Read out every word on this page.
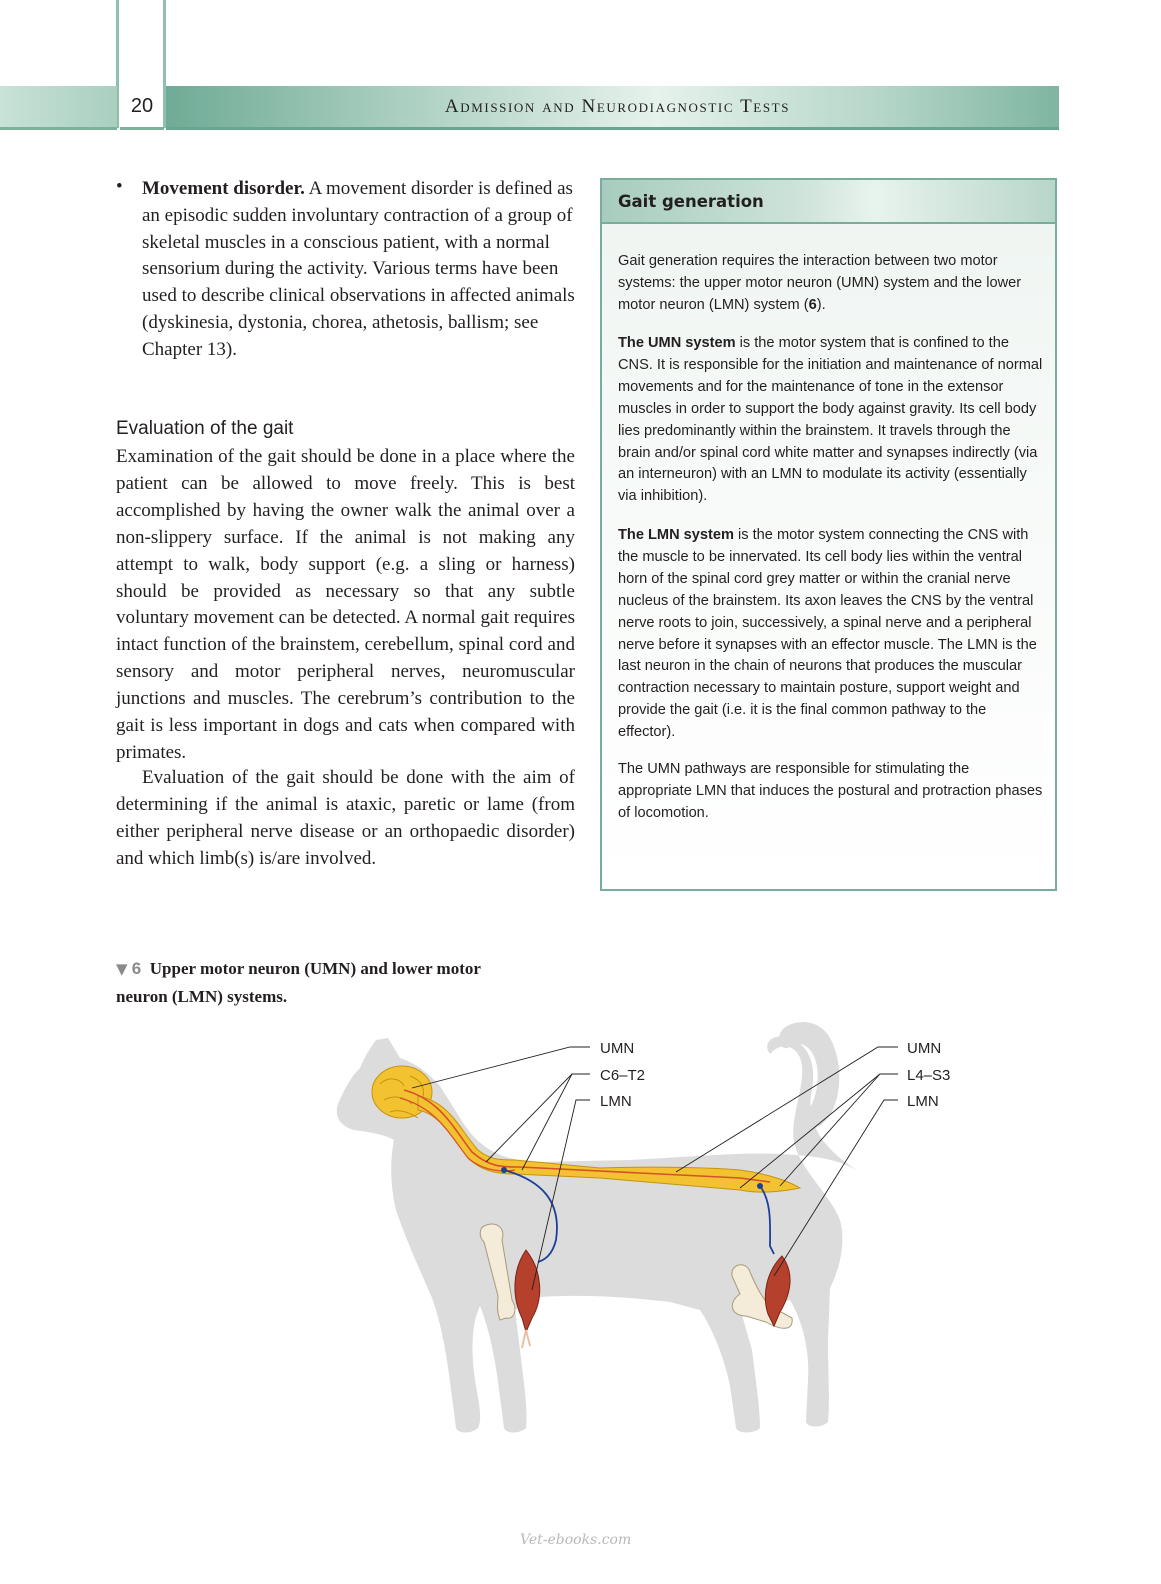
20	Admission and Neurodiagnostic Tests
• Movement disorder. A movement disorder is defined as an episodic sudden involuntary contraction of a group of skeletal muscles in a conscious patient, with a normal sensorium during the activity. Various terms have been used to describe clinical observations in affected animals (dyskinesia, dystonia, chorea, athetosis, ballism; see Chapter 13).
Evaluation of the gait
Examination of the gait should be done in a place where the patient can be allowed to move freely. This is best accomplished by having the owner walk the animal over a non-slippery surface. If the animal is not making any attempt to walk, body support (e.g. a sling or harness) should be provided as necessary so that any subtle voluntary movement can be detected. A normal gait requires intact function of the brainstem, cerebellum, spinal cord and sensory and motor peripheral nerves, neuromuscular junctions and muscles. The cerebrum’s contribution to the gait is less important in dogs and cats when compared with primates.
Evaluation of the gait should be done with the aim of determining if the animal is ataxic, paretic or lame (from either peripheral nerve disease or an orthopaedic disorder) and which limb(s) is/are involved.
Gait generation
Gait generation requires the interaction between two motor systems: the upper motor neuron (UMN) system and the lower motor neuron (LMN) system (6).
The UMN system is the motor system that is confined to the CNS. It is responsible for the initiation and maintenance of normal movements and for the maintenance of tone in the extensor muscles in order to support the body against gravity. Its cell body lies predominantly within the brainstem. It travels through the brain and/or spinal cord white matter and synapses indirectly (via an interneuron) with an LMN to modulate its activity (essentially via inhibition).
The LMN system is the motor system connecting the CNS with the muscle to be innervated. Its cell body lies within the ventral horn of the spinal cord grey matter or within the cranial nerve nucleus of the brainstem. Its axon leaves the CNS by the ventral nerve roots to join, successively, a spinal nerve and a peripheral nerve before it synapses with an effector muscle. The LMN is the last neuron in the chain of neurons that produces the muscular contraction necessary to maintain posture, support weight and provide the gait (i.e. it is the final common pathway to the effector).
The UMN pathways are responsible for stimulating the appropriate LMN that induces the postural and protraction phases of locomotion.
▼ 6 Upper motor neuron (UMN) and lower motor neuron (LMN) systems.
UMN
C6–T2
LMN
UMN
L4–S3
LMN
Vet-ebooks.com
